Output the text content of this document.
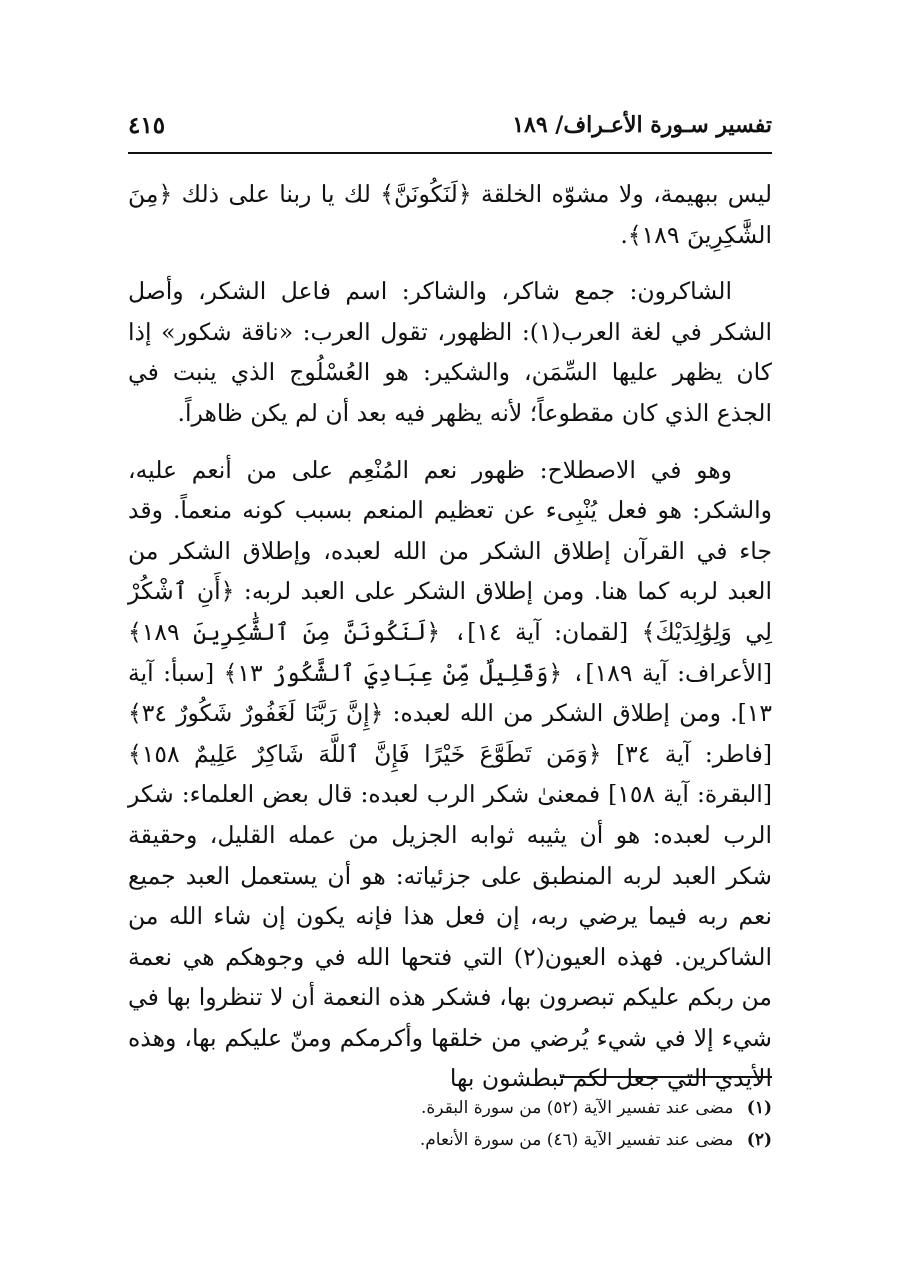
تفسير سـورة الأعـراف/ ١٨٩
٤١٥

ليس ببهيمة، ولا مشوّه الخلقة ﴿لَنَكُونَنَّ﴾ لك يا ربنا على ذلك ﴿مِنَ الشَّٰكِرِينَ ١٨٩﴾.

الشاكرون: جمع شاكر، والشاكر: اسم فاعل الشكر، وأصل الشكر في لغة العرب(١): الظهور، تقول العرب: «ناقة شكور» إذا كان يظهر عليها السِّمَن، والشكير: هو العُسْلُوج الذي ينبت في الجذع الذي كان مقطوعاً؛ لأنه يظهر فيه بعد أن لم يكن ظاهراً.

وهو في الاصطلاح: ظهور نعم المُنْعِم على من أنعم عليه، والشكر: هو فعل يُنْبِىء عن تعظيم المنعم بسبب كونه منعماً. وقد جاء في القرآن إطلاق الشكر من الله لعبده، وإطلاق الشكر من العبد لربه كما هنا. ومن إطلاق الشكر على العبد لربه: ﴿أَنِ ٱشْكُرْ لِي وَلِوَٰلِدَيْكَ﴾ [لقمان: آية ١٤]، ﴿لَنَكُونَنَّ مِنَ ٱلشَّٰكِرِينَ ١٨٩﴾ [الأعراف: آية ١٨٩]، ﴿وَقَلِيلٌ مِّنْ عِبَادِيَ ٱلشَّكُورُ ١٣﴾ [سبأ: آية ١٣]. ومن إطلاق الشكر من الله لعبده: ﴿إِنَّ رَبَّنَا لَغَفُورٌ شَكُورٌ ٣٤﴾ [فاطر: آية ٣٤] ﴿وَمَن تَطَوَّعَ خَيْرًا فَإِنَّ ٱللَّهَ شَاكِرٌ عَلِيمٌ ١٥٨﴾ [البقرة: آية ١٥٨] فمعنىٰ شكر الرب لعبده: قال بعض العلماء: شكر الرب لعبده: هو أن يثيبه ثوابه الجزيل من عمله القليل، وحقيقة شكر العبد لربه المنطبق على جزئياته: هو أن يستعمل العبد جميع نعم ربه فيما يرضي ربه، إن فعل هذا فإنه يكون إن شاء الله من الشاكرين. فهذه العيون(٢) التي فتحها الله في وجوهكم هي نعمة من ربكم عليكم تبصرون بها، فشكر هذه النعمة أن لا تنظروا بها في شيء إلا في شيء يُرضي من خلقها وأكرمكم ومنّ عليكم بها، وهذه الأيدي التي جعل لكم تبطشون بها

(١) مضى عند تفسير الآية (٥٢) من سورة البقرة.

(٢) مضى عند تفسير الآية (٤٦) من سورة الأنعام.
